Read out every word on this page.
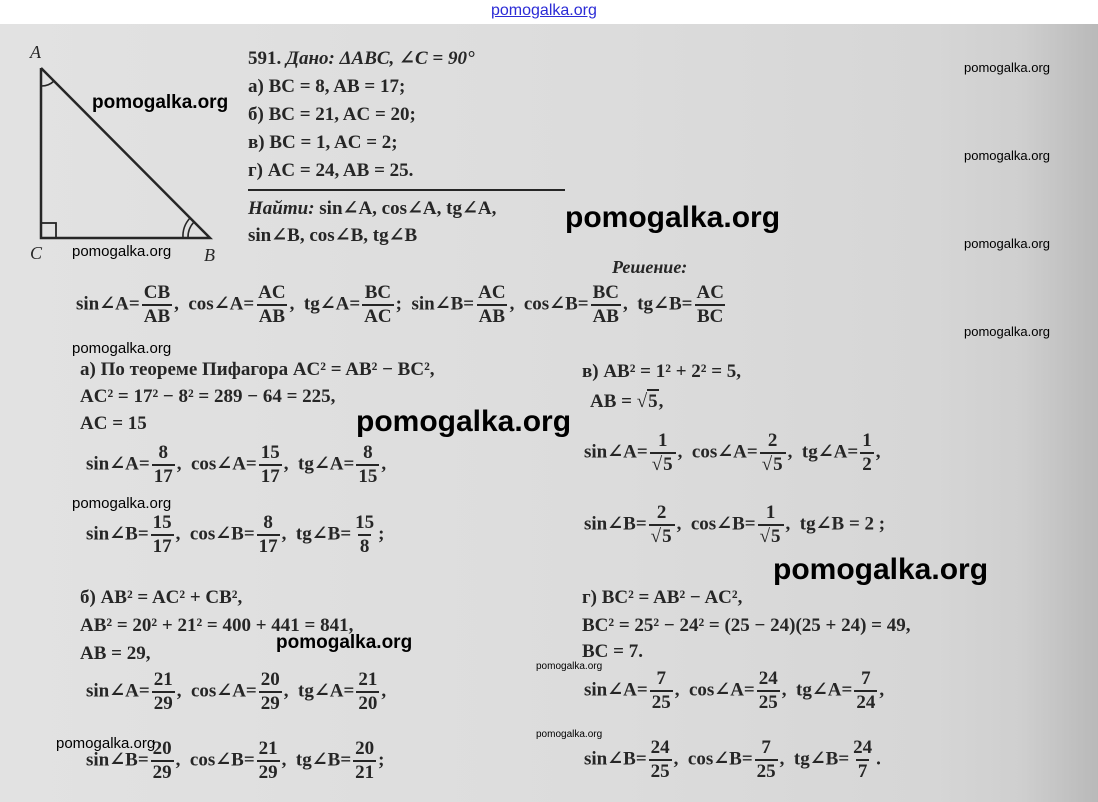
pomogalka.org
A
C	B
591. Дано: ΔABC, ∠C = 90°
а) BC = 8, AB = 17;
б) BC = 21, AC = 20;
в) BC = 1, AC = 2;
г) AC = 24, AB = 25.
Найти: sin∠A, cos∠A, tg∠A,
sin∠B, cos∠B, tg∠B
Решение:
sin∠A= $\frac{CB}{AB}$ , cos∠A= $\frac{AC}{AB}$ , tg∠A= $\frac{BC}{AC}$ ; sin∠B= $\frac{AC}{AB}$ , cos∠B= $\frac{BC}{AB}$ , tg∠B= $\frac{AC}{BC}$
а) По теореме Пифагора AC² = AB² − BC²,
AC² = 17² − 8² = 289 − 64 = 225,
AC = 15
sin∠A= $\frac{8}{17}$ , cos∠A= $\frac{15}{17}$ , tg∠A= $\frac{8}{15}$ ,
sin∠B= $\frac{15}{17}$ , cos∠B= $\frac{8}{17}$ , tg∠B= $\frac{15}{8}$ ;
б) AB² = AC² + CB²,
AB² = 20² + 21² = 400 + 441 = 841,
AB = 29,
sin∠A= $\frac{21}{29}$ , cos∠A= $\frac{20}{29}$ , tg∠A= $\frac{21}{20}$ ,
sin∠B= $\frac{20}{29}$ , cos∠B= $\frac{21}{29}$ , tg∠B= $\frac{20}{21}$ ;
в) AB² = 1² + 2² = 5,
AB = √5,
sin∠A= $\frac{1}{√5}$ , cos∠A= $\frac{2}{√5}$ , tg∠A= $\frac{1}{2}$ ,
sin∠B= $\frac{2}{√5}$ , cos∠B= $\frac{1}{√5}$ , tg∠B = 2 ;
г) BC² = AB² − AC²,
BC² = 25² − 24² = (25 − 24)(25 + 24) = 49,
BC = 7.
sin∠A= $\frac{7}{25}$ , cos∠A= $\frac{24}{25}$ , tg∠A= $\frac{7}{24}$ ,
sin∠B= $\frac{24}{25}$ , cos∠B= $\frac{7}{25}$ , tg∠B= $\frac{24}{7}$ .
pomogalka.org
pomogalka.org
pomogalka.org
pomogalka.org
pomogalka.org
pomogalka.org
pomogalka.org
pomogalka.org
pomogalka.org
pomogalka.org
pomogalka.org
pomogalka.org
pomogalka.org
pomogalka.org
pomogalka.org
